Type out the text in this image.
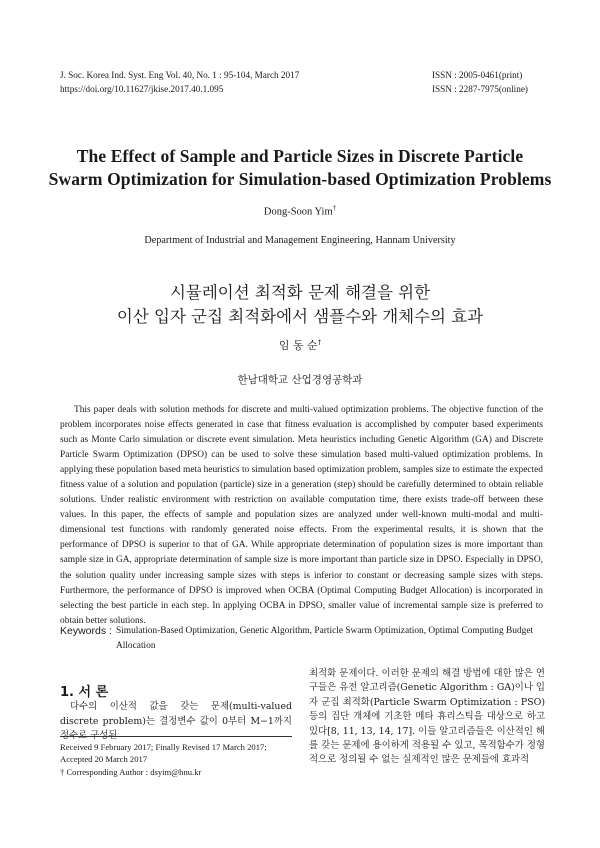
J. Soc. Korea Ind. Syst. Eng Vol. 40, No. 1 : 95-104, March 2017
https://doi.org/10.11627/jkise.2017.40.1.095
ISSN : 2005-0461(print)
ISSN : 2287-7975(online)
The Effect of Sample and Particle Sizes in Discrete Particle
Swarm Optimization for Simulation-based Optimization Problems
Dong-Soon Yim†
Department of Industrial and Management Engineering, Hannam University
시뮬레이션 최적화 문제 해결을 위한
이산 입자 군집 최적화에서 샘플수와 개체수의 효과
임 동 순†
한남대학교 산업경영공학과

This paper deals with solution methods for discrete and multi-valued optimization problems. The objective function of the problem incorporates noise effects generated in case that fitness evaluation is accomplished by computer based experiments such as Monte Carlo simulation or discrete event simulation. Meta heuristics including Genetic Algorithm (GA) and Discrete Particle Swarm Optimization (DPSO) can be used to solve these simulation based multi-valued optimization problems. In applying these population based meta heuristics to simulation based optimization problem, samples size to estimate the expected fitness value of a solution and population (particle) size in a generation (step) should be carefully determined to obtain reliable solutions. Under realistic environment with restriction on available computation time, there exists trade-off between these values. In this paper, the effects of sample and population sizes are analyzed under well-known multi-modal and multi-dimensional test functions with randomly generated noise effects. From the experimental results, it is shown that the performance of DPSO is superior to that of GA. While appropriate determination of population sizes is more important than sample size in GA, appropriate determination of sample size is more important than particle size in DPSO. Especially in DPSO, the solution quality under increasing sample sizes with steps is inferior to constant or decreasing sample sizes with steps. Furthermore, the performance of DPSO is improved when OCBA (Optimal Computing Budget Allocation) is incorporated in selecting the best particle in each step. In applying OCBA in DPSO, smaller value of incremental sample size is preferred to obtain better solutions.

Keywords : Simulation-Based Optimization, Genetic Algorithm, Particle Swarm Optimization, Optimal Computing Budget Allocation
1. 서 론

다수의 이산적 값을 갖는 문제(multi-valued discrete problem)는 결정변수 값이 0부터 M−1까지 정수로 구성된

최적화 문제이다. 이러한 문제의 해결 방법에 대한 많은 연구들은 유전 알고리즘(Genetic Algorithm : GA)이나 입자 군집 최적화(Particle Swarm Optimization : PSO) 등의 집단 개체에 기초한 메타 휴리스틱을 대상으로 하고 있다[8, 11, 13, 14, 17]. 이들 알고리즘들은 이산적인 해를 갖는 문제에 용이하게 적용될 수 있고, 목적함수가 정형적으로 정의될 수 없는 실제적인 많은 문제들에 효과적

Received 9 February 2017; Finally Revised 17 March 2017;
Accepted 20 March 2017
† Corresponding Author : dsyim@hnu.kr
